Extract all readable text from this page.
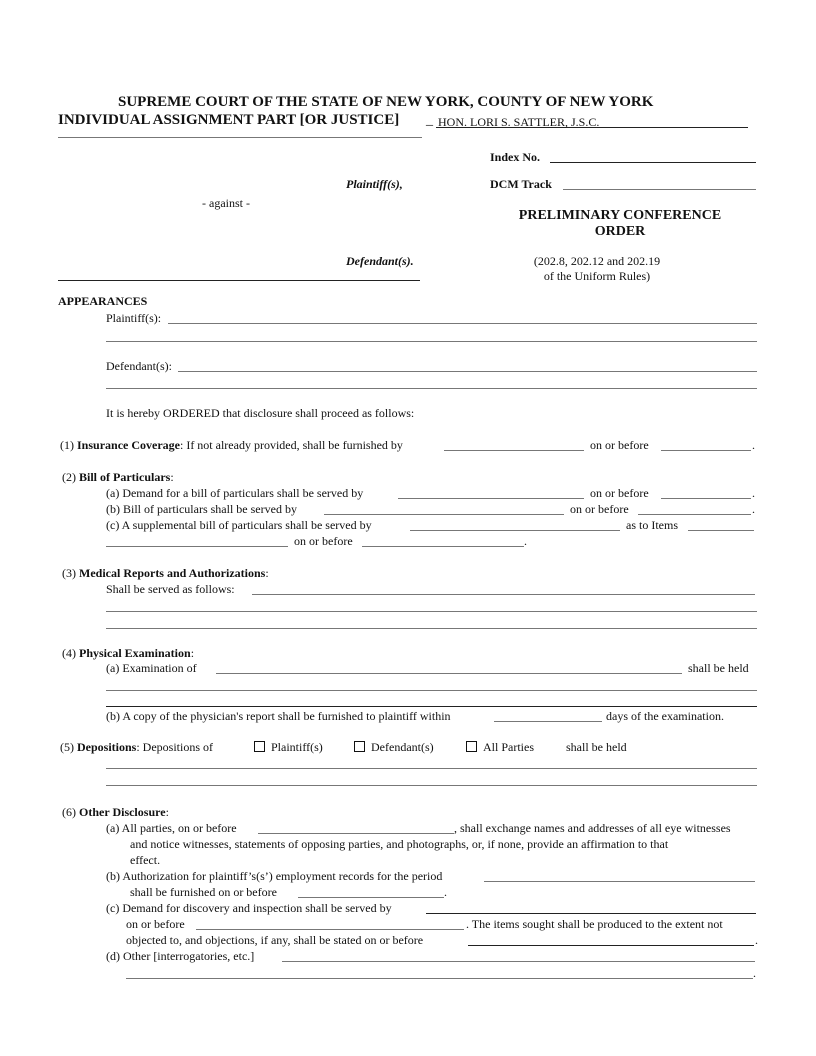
SUPREME COURT OF THE STATE OF NEW YORK, COUNTY OF NEW YORK
INDIVIDUAL ASSIGNMENT PART [OR JUSTICE] _ HON. LORI S. SATTLER, J.S.C.
Index No.
Plaintiff(s),	DCM Track
- against -
PRELIMINARY CONFERENCE
ORDER
Defendant(s).	(202.8, 202.12 and 202.19
of the Uniform Rules)
APPEARANCES
Plaintiff(s):
Defendant(s):
It is hereby ORDERED that disclosure shall proceed as follows:
(1) Insurance Coverage: If not already provided, shall be furnished by	on or before	.
(2) Bill of Particulars:
(a) Demand for a bill of particulars shall be served by	on or before	.
(b) Bill of particulars shall be served by	on or before	.
(c) A supplemental bill of particulars shall be served by	as to Items
on or before	.
(3) Medical Reports and Authorizations:
Shall be served as follows:
(4) Physical Examination:
(a) Examination of	shall be held
(b) A copy of the physician's report shall be furnished to plaintiff within	days of the examination.
(5) Depositions: Depositions of	Plaintiff(s)	Defendant(s)	All Parties	shall be held
(6) Other Disclosure:
(a) All parties, on or before	, shall exchange names and addresses of all eye witnesses
and notice witnesses, statements of opposing parties, and photographs, or, if none, provide an affirmation to that
effect.
(b) Authorization for plaintiff’s(s’) employment records for the period
shall be furnished on or before	.
(c) Demand for discovery and inspection shall be served by
on or before	. The items sought shall be produced to the extent not
objected to, and objections, if any, shall be stated on or before	.
(d) Other [interrogatories, etc.]
.
